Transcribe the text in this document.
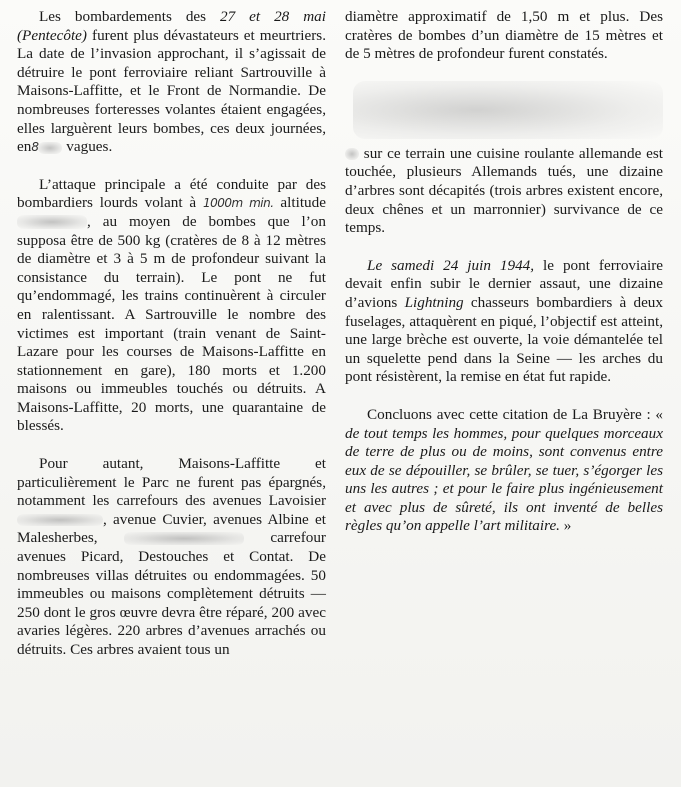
Les bombardements des 27 et 28 mai (Pentecôte) furent plus dévastateurs et meurtriers. La date de l’invasion approchant, il s’agissait de détruire le pont ferroviaire reliant Sartrouville à Maisons-Laffitte, et le Front de Normandie. De nombreuses forteresses volantes étaient engagées, elles larguèrent leurs bombes, ces deux journées, en8 vagues.

L’attaque principale a été conduite par des bombardiers lourds volant à 1000m min. altitude , au moyen de bombes que l’on supposa être de 500 kg (cratères de 8 à 12 mètres de diamètre et 3 à 5 m de profondeur suivant la consistance du terrain). Le pont ne fut qu’endommagé, les trains continuèrent à circuler en ralentissant. A Sartrouville le nombre des victimes est important (train venant de Saint-Lazare pour les courses de Maisons-Laffitte en stationnement en gare), 180 morts et 1.200 maisons ou immeubles touchés ou détruits. A Maisons-Laffitte, 20 morts, une quarantaine de blessés.

Pour autant, Maisons-Laffitte et particulièrement le Parc ne furent pas épargnés, notamment les carrefours des avenues Lavoisier , avenue Cuvier, avenues Albine et Malesherbes,	carrefour avenues Picard, Destouches et Contat. De nombreuses villas détruites ou endommagées. 50 immeubles ou maisons complètement détruits — 250 dont le gros œuvre devra être réparé, 200 avec avaries légères. 220 arbres d’avenues arrachés ou détruits. Ces arbres avaient tous un

diamètre approximatif de 1,50 m et plus. Des cratères de bombes d’un diamètre de 15 mètres et de 5 mètres de profondeur furent constatés.

sur ce terrain une cuisine roulante allemande est touchée, plusieurs Allemands tués, une dizaine d’arbres sont décapités (trois arbres existent encore, deux chênes et un marronnier) survivance de ce temps.

Le samedi 24 juin 1944, le pont ferroviaire devait enfin subir le dernier assaut, une dizaine d’avions Lightning chasseurs bombardiers à deux fuselages, attaquèrent en piqué, l’objectif est atteint, une large brèche est ouverte, la voie démantelée tel un squelette pend dans la Seine — les arches du pont résistèrent, la remise en état fut rapide.

Concluons avec cette citation de La Bruyère : « de tout temps les hommes, pour quelques morceaux de terre de plus ou de moins, sont convenus entre eux de se dépouiller, se brûler, se tuer, s’égorger les uns les autres ; et pour le faire plus ingénieusement et avec plus de sûreté, ils ont inventé de belles règles qu’on appelle l’art militaire. »
